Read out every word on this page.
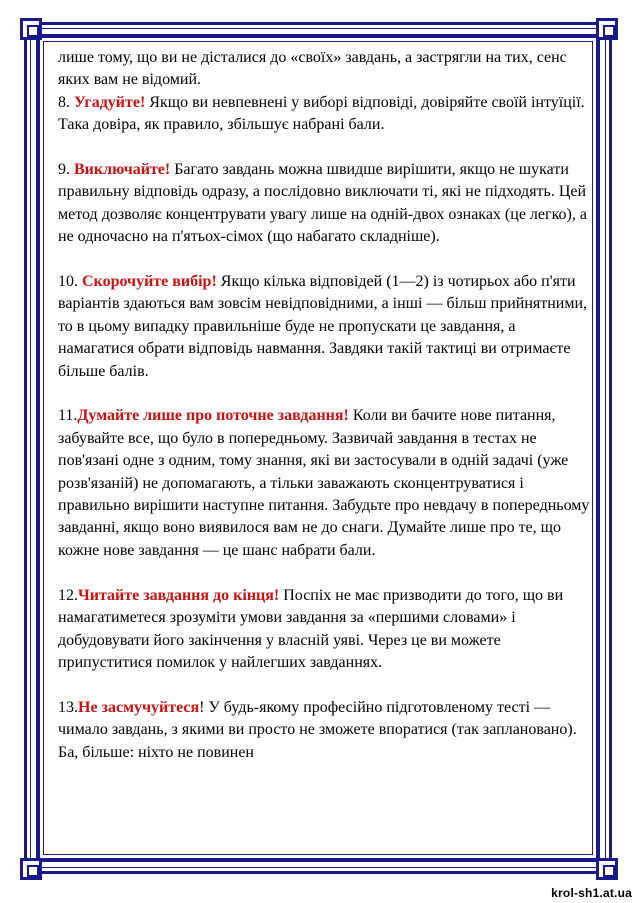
лише тому, що ви не дісталися до «своїх» завдань, а застрягли на тих, сенс яких вам не відомий.

8. Угадуйте! Якщо ви невпевнені у виборі відповіді, довіряйте своїй інтуїції. Така довіра, як правило, збільшує набрані бали.

9. Виключайте! Багато завдань можна швидше вирішити, якщо не шукати правильну відповідь одразу, а послідовно виключати ті, які не підходять. Цей метод дозволяє концентрувати увагу лише на одній-двох ознаках (це легко), а не одночасно на п'ятьох-сімох (що набагато складніше).

10. Скорочуйте вибір! Якщо кілька відповідей (1—2) із чотирьох або п'яти варіантів здаються вам зовсім невідповідними, а інші — більш прийнятними, то в цьому випадку правильніше буде не пропускати це завдання, а намагатися обрати відповідь навмання. Завдяки такій тактиці ви отримаєте більше балів.

11.Думайте лише про поточне завдання! Коли ви бачите нове питання, забувайте все, що було в попередньому. Зазвичай завдання в тестах не пов'язані одне з одним, тому знання, які ви застосували в одній задачі (уже розв'язаній) не допомагають, а тільки заважають сконцентруватися і правильно вирішити наступне питання. Забудьте про невдачу в попередньому завданні, якщо воно виявилося вам не до снаги. Думайте лише про те, що кожне нове завдання — це шанс набрати бали.

12.Читайте завдання до кінця! Поспіх не має призводити до того, що ви намагатиметеся зрозуміти умови завдання за «першими словами» і добудовувати його закінчення у власній уяві. Через це ви можете припуститися помилок у найлегших завданнях.

13.Не засмучуйтеся! У будь-якому професійно підготовленому тесті — чимало завдань, з якими ви просто не зможете впоратися (так заплановано). Ба, більше: ніхто не повинен

krol-sh1.at.ua
